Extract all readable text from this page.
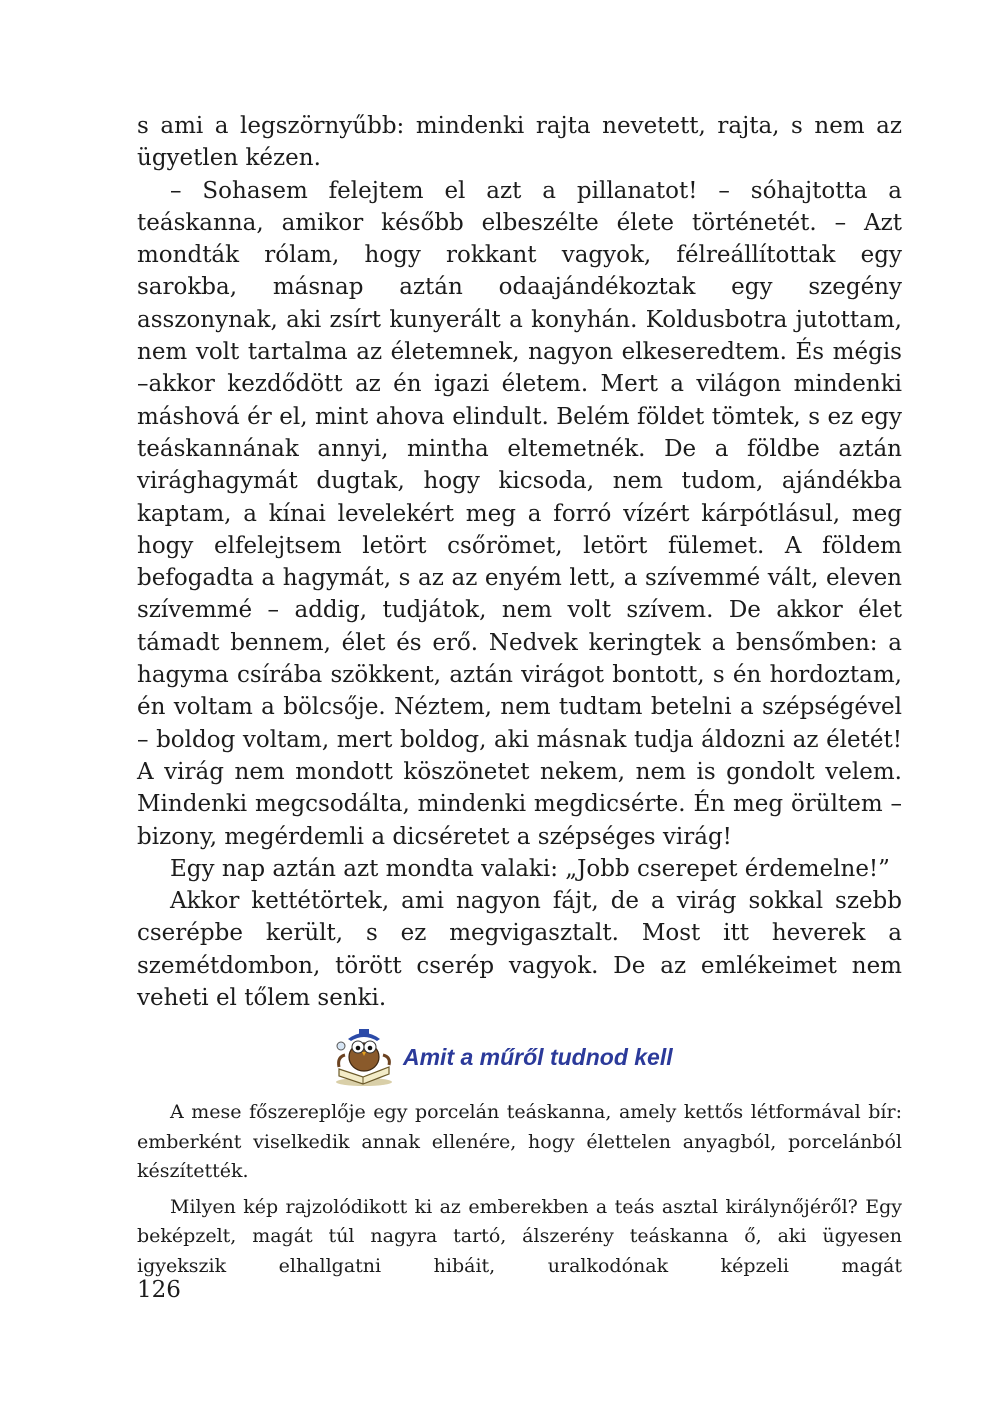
s ami a legszörnyűbb: mindenki rajta nevetett, rajta, s nem az ügyetlen kézen.

– Sohasem felejtem el azt a pillanatot! – sóhajtotta a teáskanna, amikor később elbeszélte élete történetét. – Azt mondták rólam, hogy rokkant vagyok, félreállítottak egy sarokba, másnap aztán odaajándékoztak egy szegény asszonynak, aki zsírt kunyerált a konyhán. Koldusbotra jutottam, nem volt tartalma az életemnek, nagyon elkeseredtem. És mégis –akkor kezdődött az én igazi életem. Mert a világon mindenki máshová ér el, mint ahova elindult. Belém földet tömtek, s ez egy teáskannának annyi, mintha eltemetnék. De a földbe aztán virághagymát dugtak, hogy kicsoda, nem tudom, ajándékba kaptam, a kínai levelekért meg a forró vízért kárpótlásul, meg hogy elfelejtsem letört csőrömet, letört fülemet. A földem befogadta a hagymát, s az az enyém lett, a szívemmé vált, eleven szívemmé – addig, tudjátok, nem volt szívem. De akkor élet támadt bennem, élet és erő. Nedvek keringtek a bensőmben: a hagyma csírába szökkent, aztán virágot bontott, s én hordoztam, én voltam a bölcsője. Néztem, nem tudtam betelni a szépségével – boldog voltam, mert boldog, aki másnak tudja áldozni az életét! A virág nem mondott köszönetet nekem, nem is gondolt velem. Mindenki megcsodálta, mindenki megdicsérte. Én meg örültem – bizony, megérdemli a dicséretet a szépséges virág!

Egy nap aztán azt mondta valaki: „Jobb cserepet érdemelne!”

Akkor kettétörtek, ami nagyon fájt, de a virág sokkal szebb cserépbe került, s ez megvigasztalt. Most itt heverek a szemétdombon, törött cserép vagyok. De az emlékeimet nem veheti el tőlem senki.

Amit a műről tudnod kell

A mese főszereplője egy porcelán teáskanna, amely kettős létformával bír: emberként viselkedik annak ellenére, hogy élettelen anyagból, porcelánból készítették.

Milyen kép rajzolódikott ki az emberekben a teás asztal királynőjéről? Egy beképzelt, magát túl nagyra tartó, álszerény teáskanna ő, aki ügyesen igyekszik elhallgatni hibáit, uralkodónak képzeli magát

126
